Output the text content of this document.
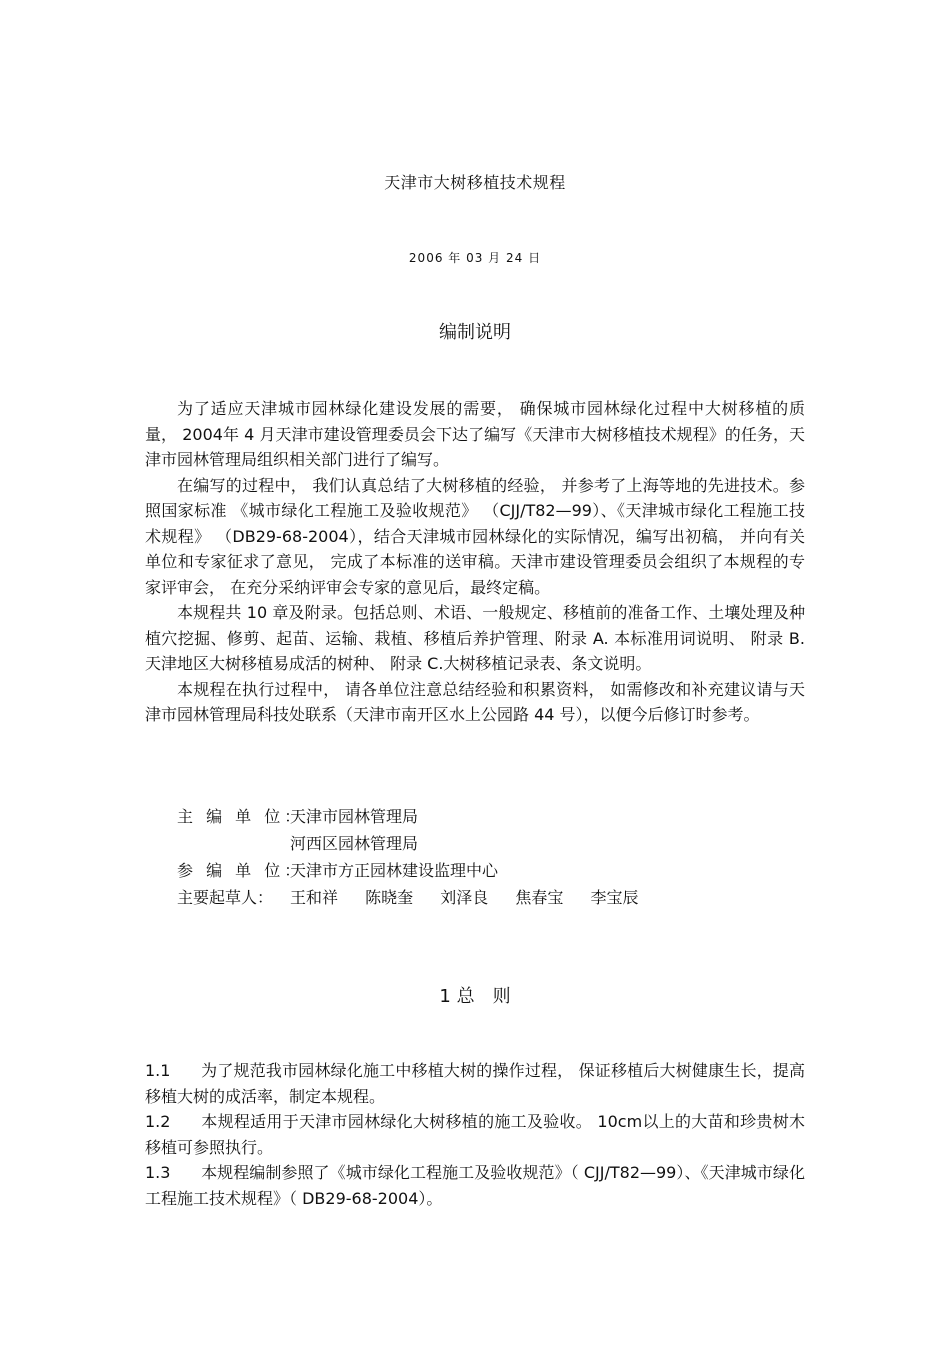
天津市大树移植技术规程
2006 年 03 月 24 日
编制说明

为了适应天津城市园林绿化建设发展的需要， 确保城市园林绿化过程中大树移植的质量， 2004年 4 月天津市建设管理委员会下达了编写《天津市大树移植技术规程》的任务，天津市园林管理局组织相关部门进行了编写。

在编写的过程中， 我们认真总结了大树移植的经验， 并参考了上海等地的先进技术。参照国家标准 《城市绿化工程施工及验收规范》 （CJJ/T82—99）、《天津城市绿化工程施工技术规程》 （DB29-68-2004），结合天津城市园林绿化的实际情况，编写出初稿， 并向有关单位和专家征求了意见， 完成了本标准的送审稿。天津市建设管理委员会组织了本规程的专家评审会， 在充分采纳评审会专家的意见后，最终定稿。

本规程共 10 章及附录。包括总则、术语、一般规定、移植前的准备工作、土壤处理及种植穴挖掘、修剪、起苗、运输、栽植、移植后养护管理、附录 A. 本标准用词说明、 附录 B. 天津地区大树移植易成活的树种、 附录 C.大树移植记录表、条文说明。

本规程在执行过程中， 请各单位注意总结经验和积累资料， 如需修改和补充建议请与天津市园林管理局科技处联系（天津市南开区水上公园路 44 号），以便今后修订时参考。

主 编 单 位：
天津市园林管理局
河西区园林管理局
参 编 单 位：
天津市方正园林建设监理中心
主要起草人：	王和祥 陈晓奎 刘泽良 焦春宝 李宝辰
1 总　则

1.1 为了规范我市园林绿化施工中移植大树的操作过程， 保证移植后大树健康生长，提高移植大树的成活率，制定本规程。

1.2 本规程适用于天津市园林绿化大树移植的施工及验收。 10cm以上的大苗和珍贵树木移植可参照执行。

1.3 本规程编制参照了《城市绿化工程施工及验收规范》（ CJJ/T82—99）、《天津城市绿化工程施工技术规程》（ DB29-68-2004）。
